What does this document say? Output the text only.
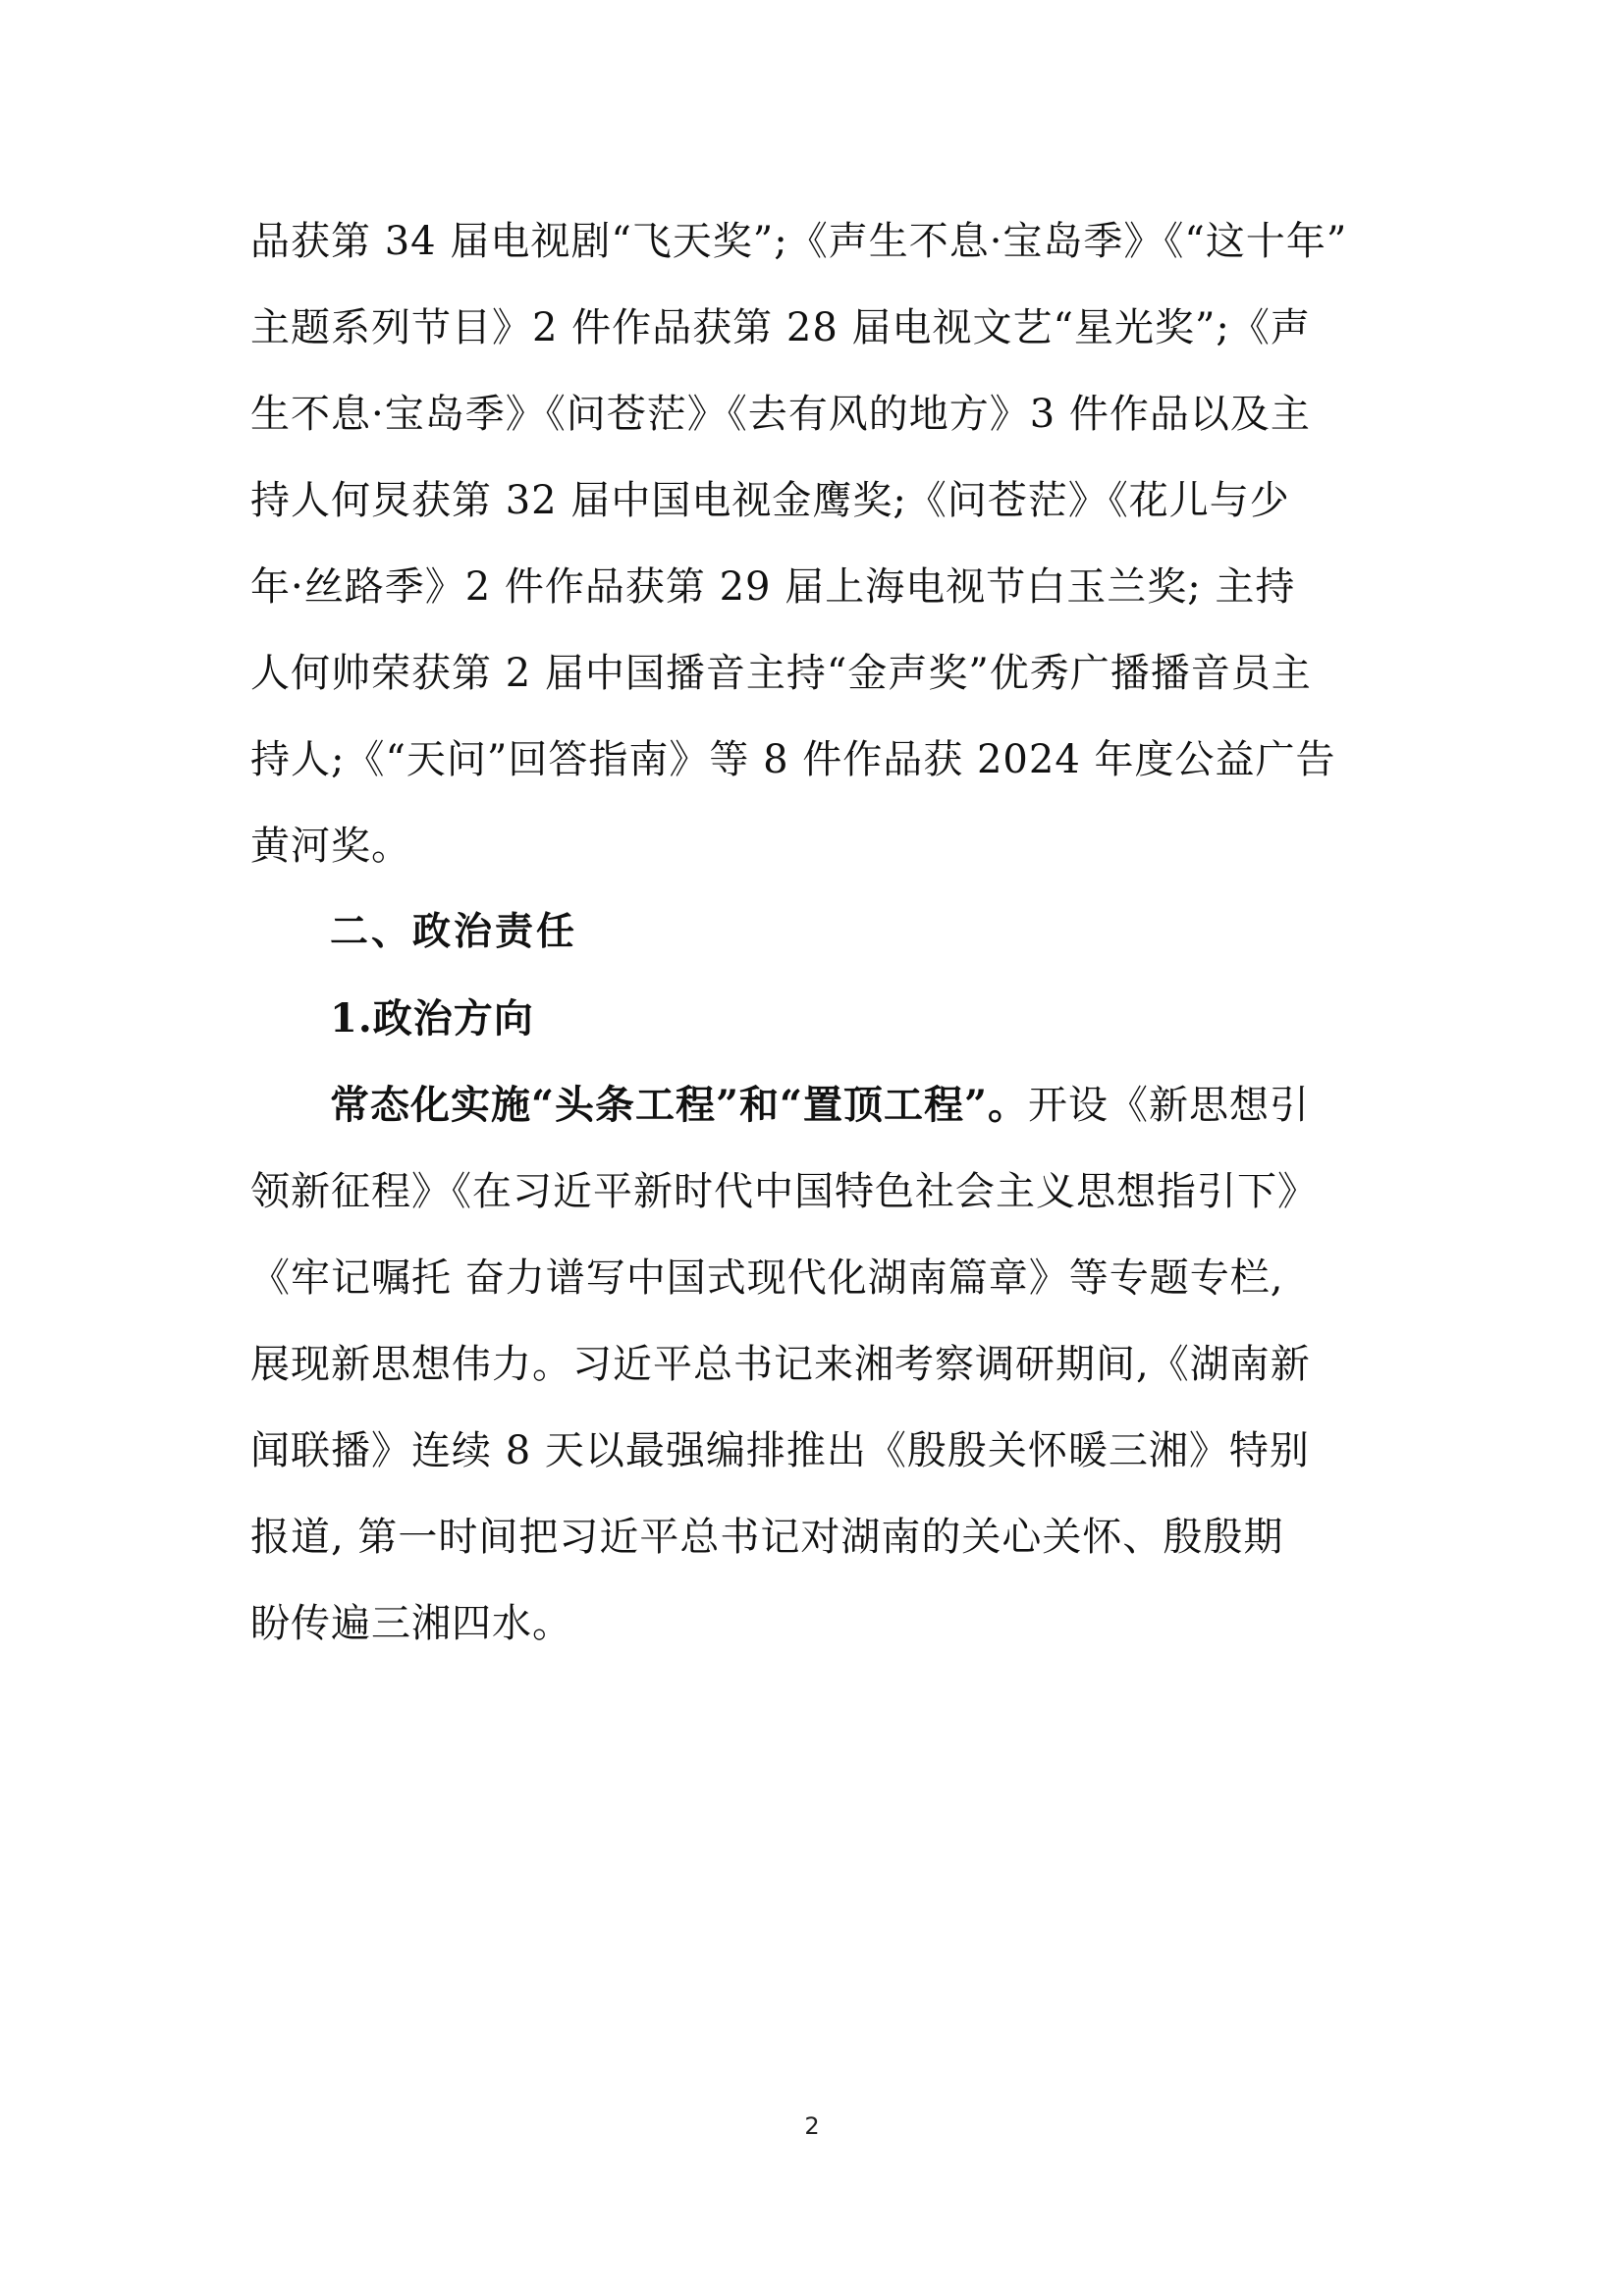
品获第 34 届电视剧“飞天奖”;《声生不息·宝岛季》《“这十年”
主题系列节目》2 件作品获第 28 届电视文艺“星光奖”;《声
生不息·宝岛季》《问苍茫》《去有风的地方》3 件作品以及主
持人何炅获第 32 届中国电视金鹰奖;《问苍茫》《花儿与少
年·丝路季》2 件作品获第 29 届上海电视节白玉兰奖; 主持
人何帅荣获第 2 届中国播音主持“金声奖”优秀广播播音员主
持人;《“天问”回答指南》等 8 件作品获 2024 年度公益广告
黄河奖。
二、政治责任
1.政治方向
常态化实施“头条工程”和“置顶工程”。开设《新思想引
领新征程》《在习近平新时代中国特色社会主义思想指引下》
《牢记嘱托 奋力谱写中国式现代化湖南篇章》等专题专栏,
展现新思想伟力。习近平总书记来湘考察调研期间,《湖南新
闻联播》连续 8 天以最强编排推出《殷殷关怀暖三湘》特别
报道, 第一时间把习近平总书记对湖南的关心关怀、殷殷期
盼传遍三湘四水。
2
